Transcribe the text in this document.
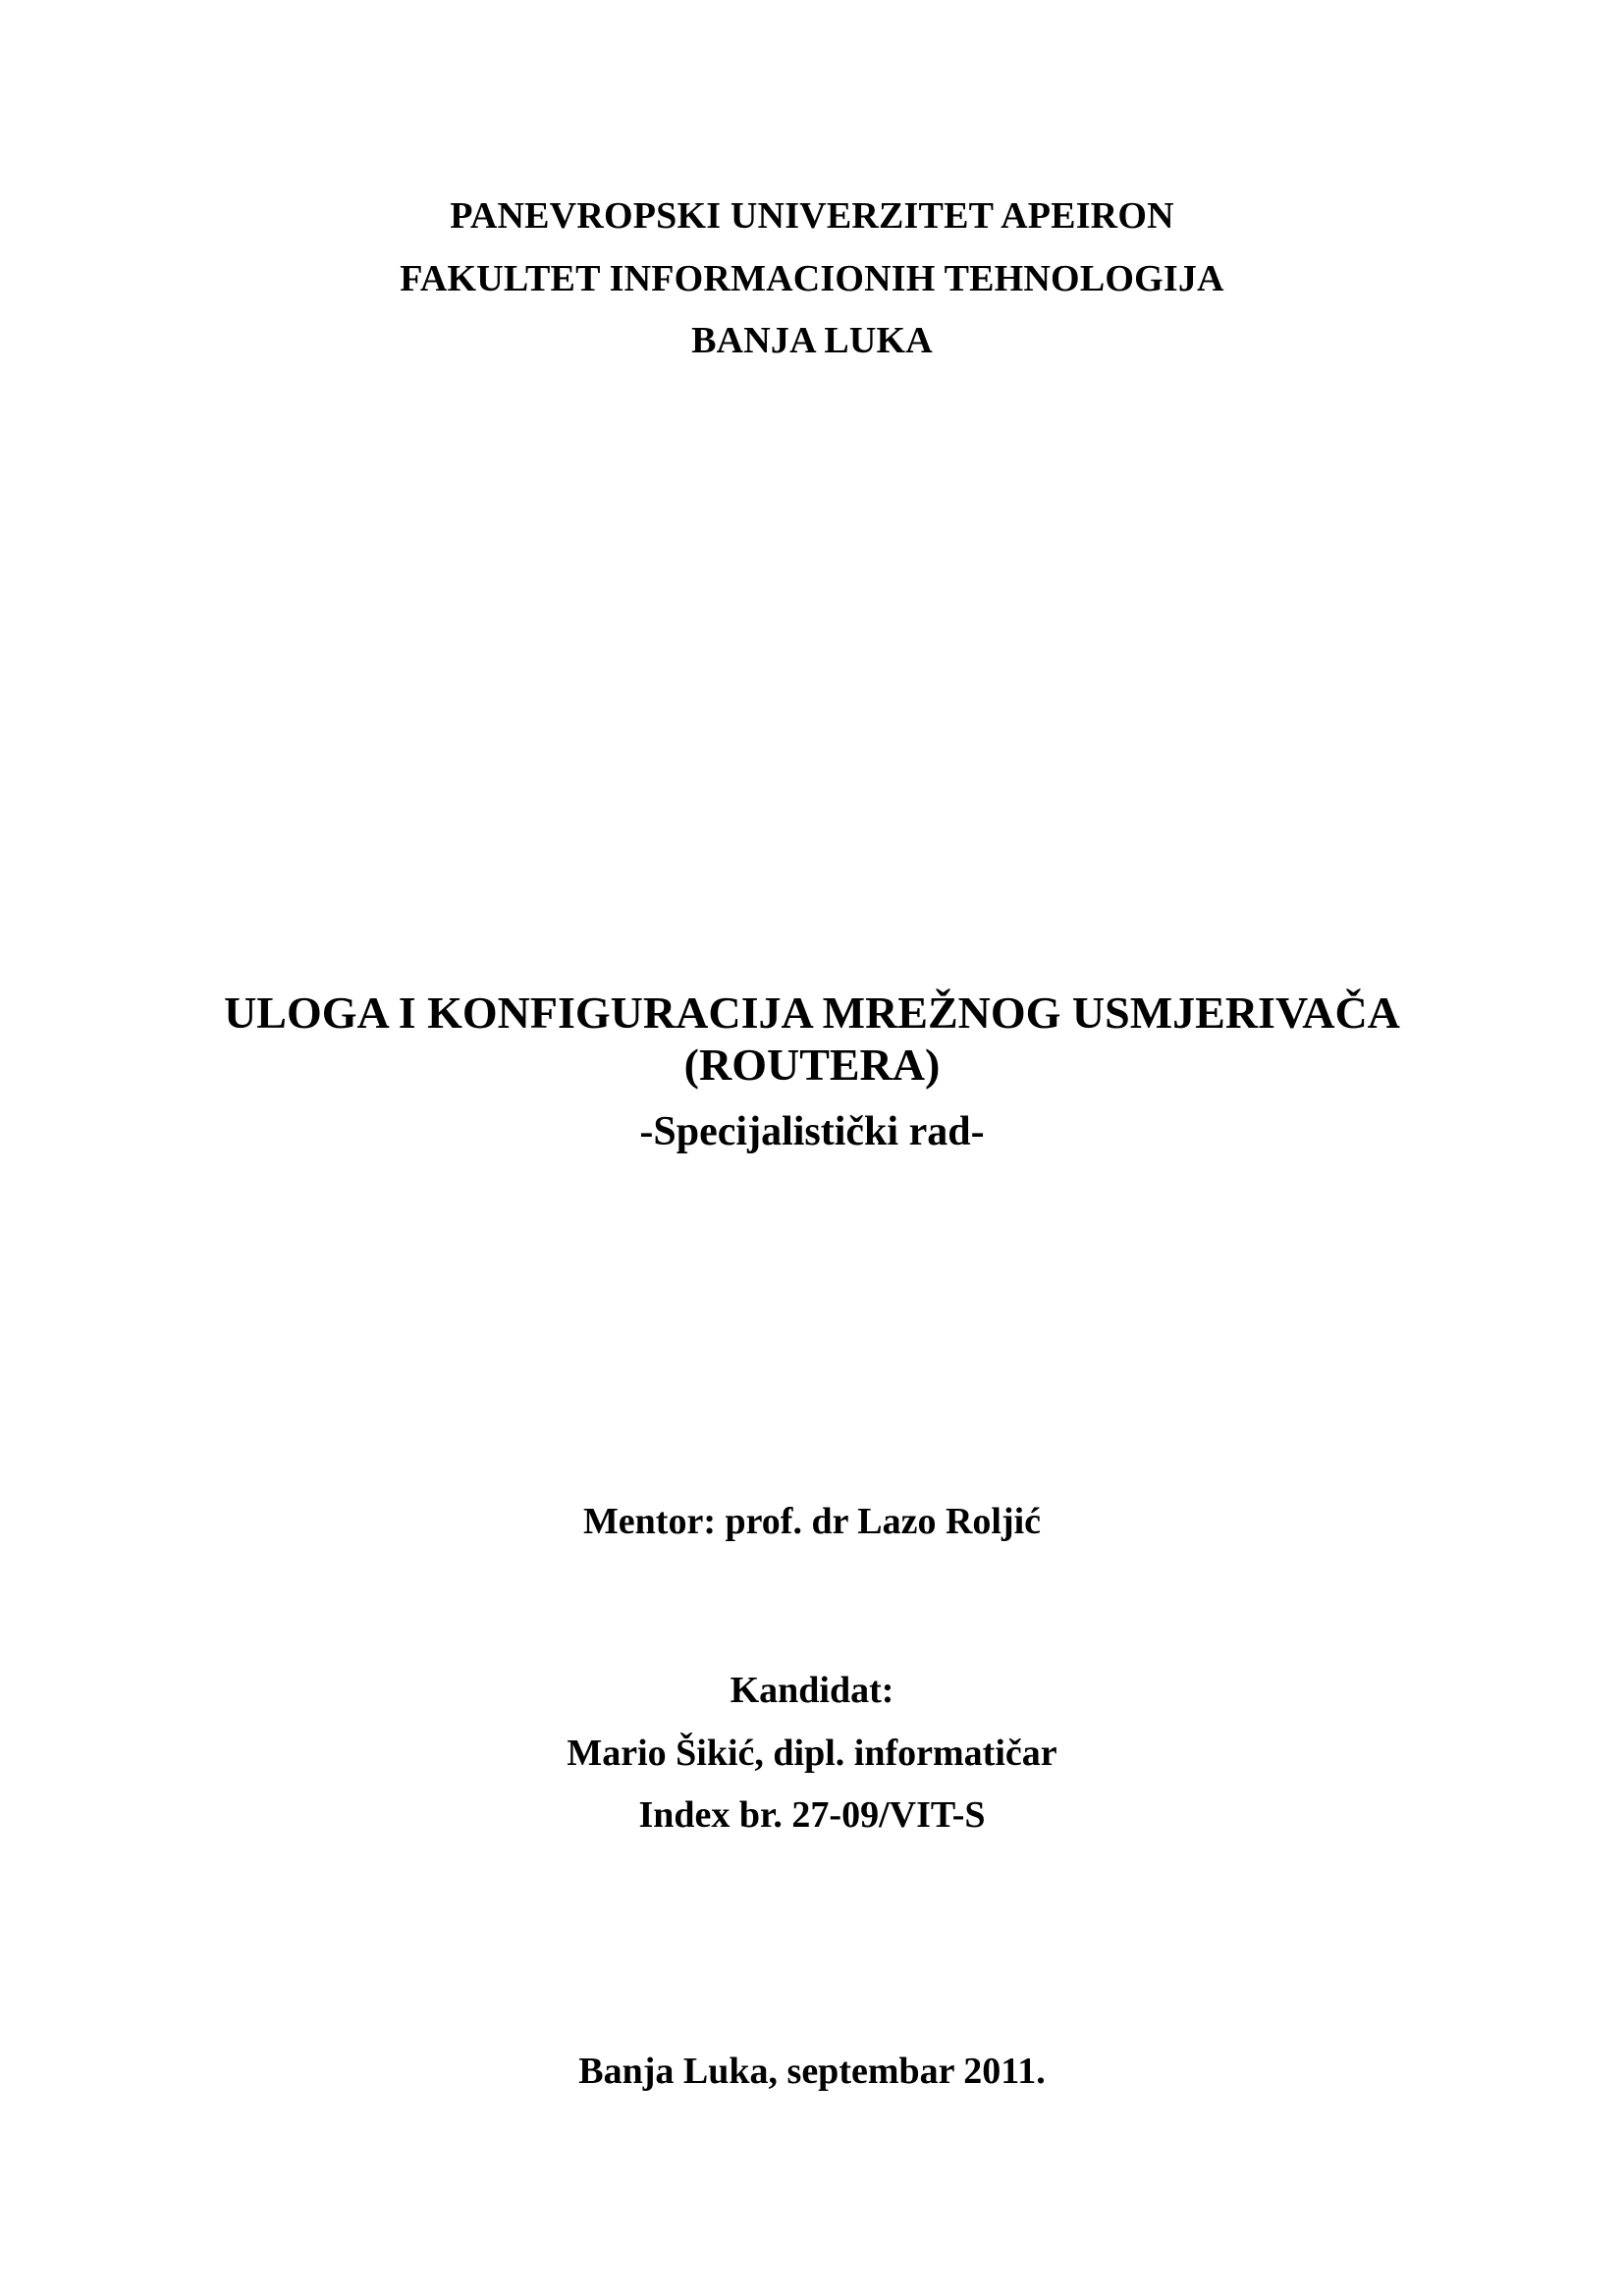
PANEVROPSKI UNIVERZITET APEIRON

FAKULTET INFORMACIONIH TEHNOLOGIJA

BANJA LUKA

ULOGA I KONFIGURACIJA MREŽNOG USMJERIVAČA

(ROUTERA)

-Specijalistički rad-

Mentor: prof. dr Lazo Roljić

Kandidat:

Mario Šikić, dipl. informatičar

Index br. 27-09/VIT-S

Banja Luka, septembar 2011.
